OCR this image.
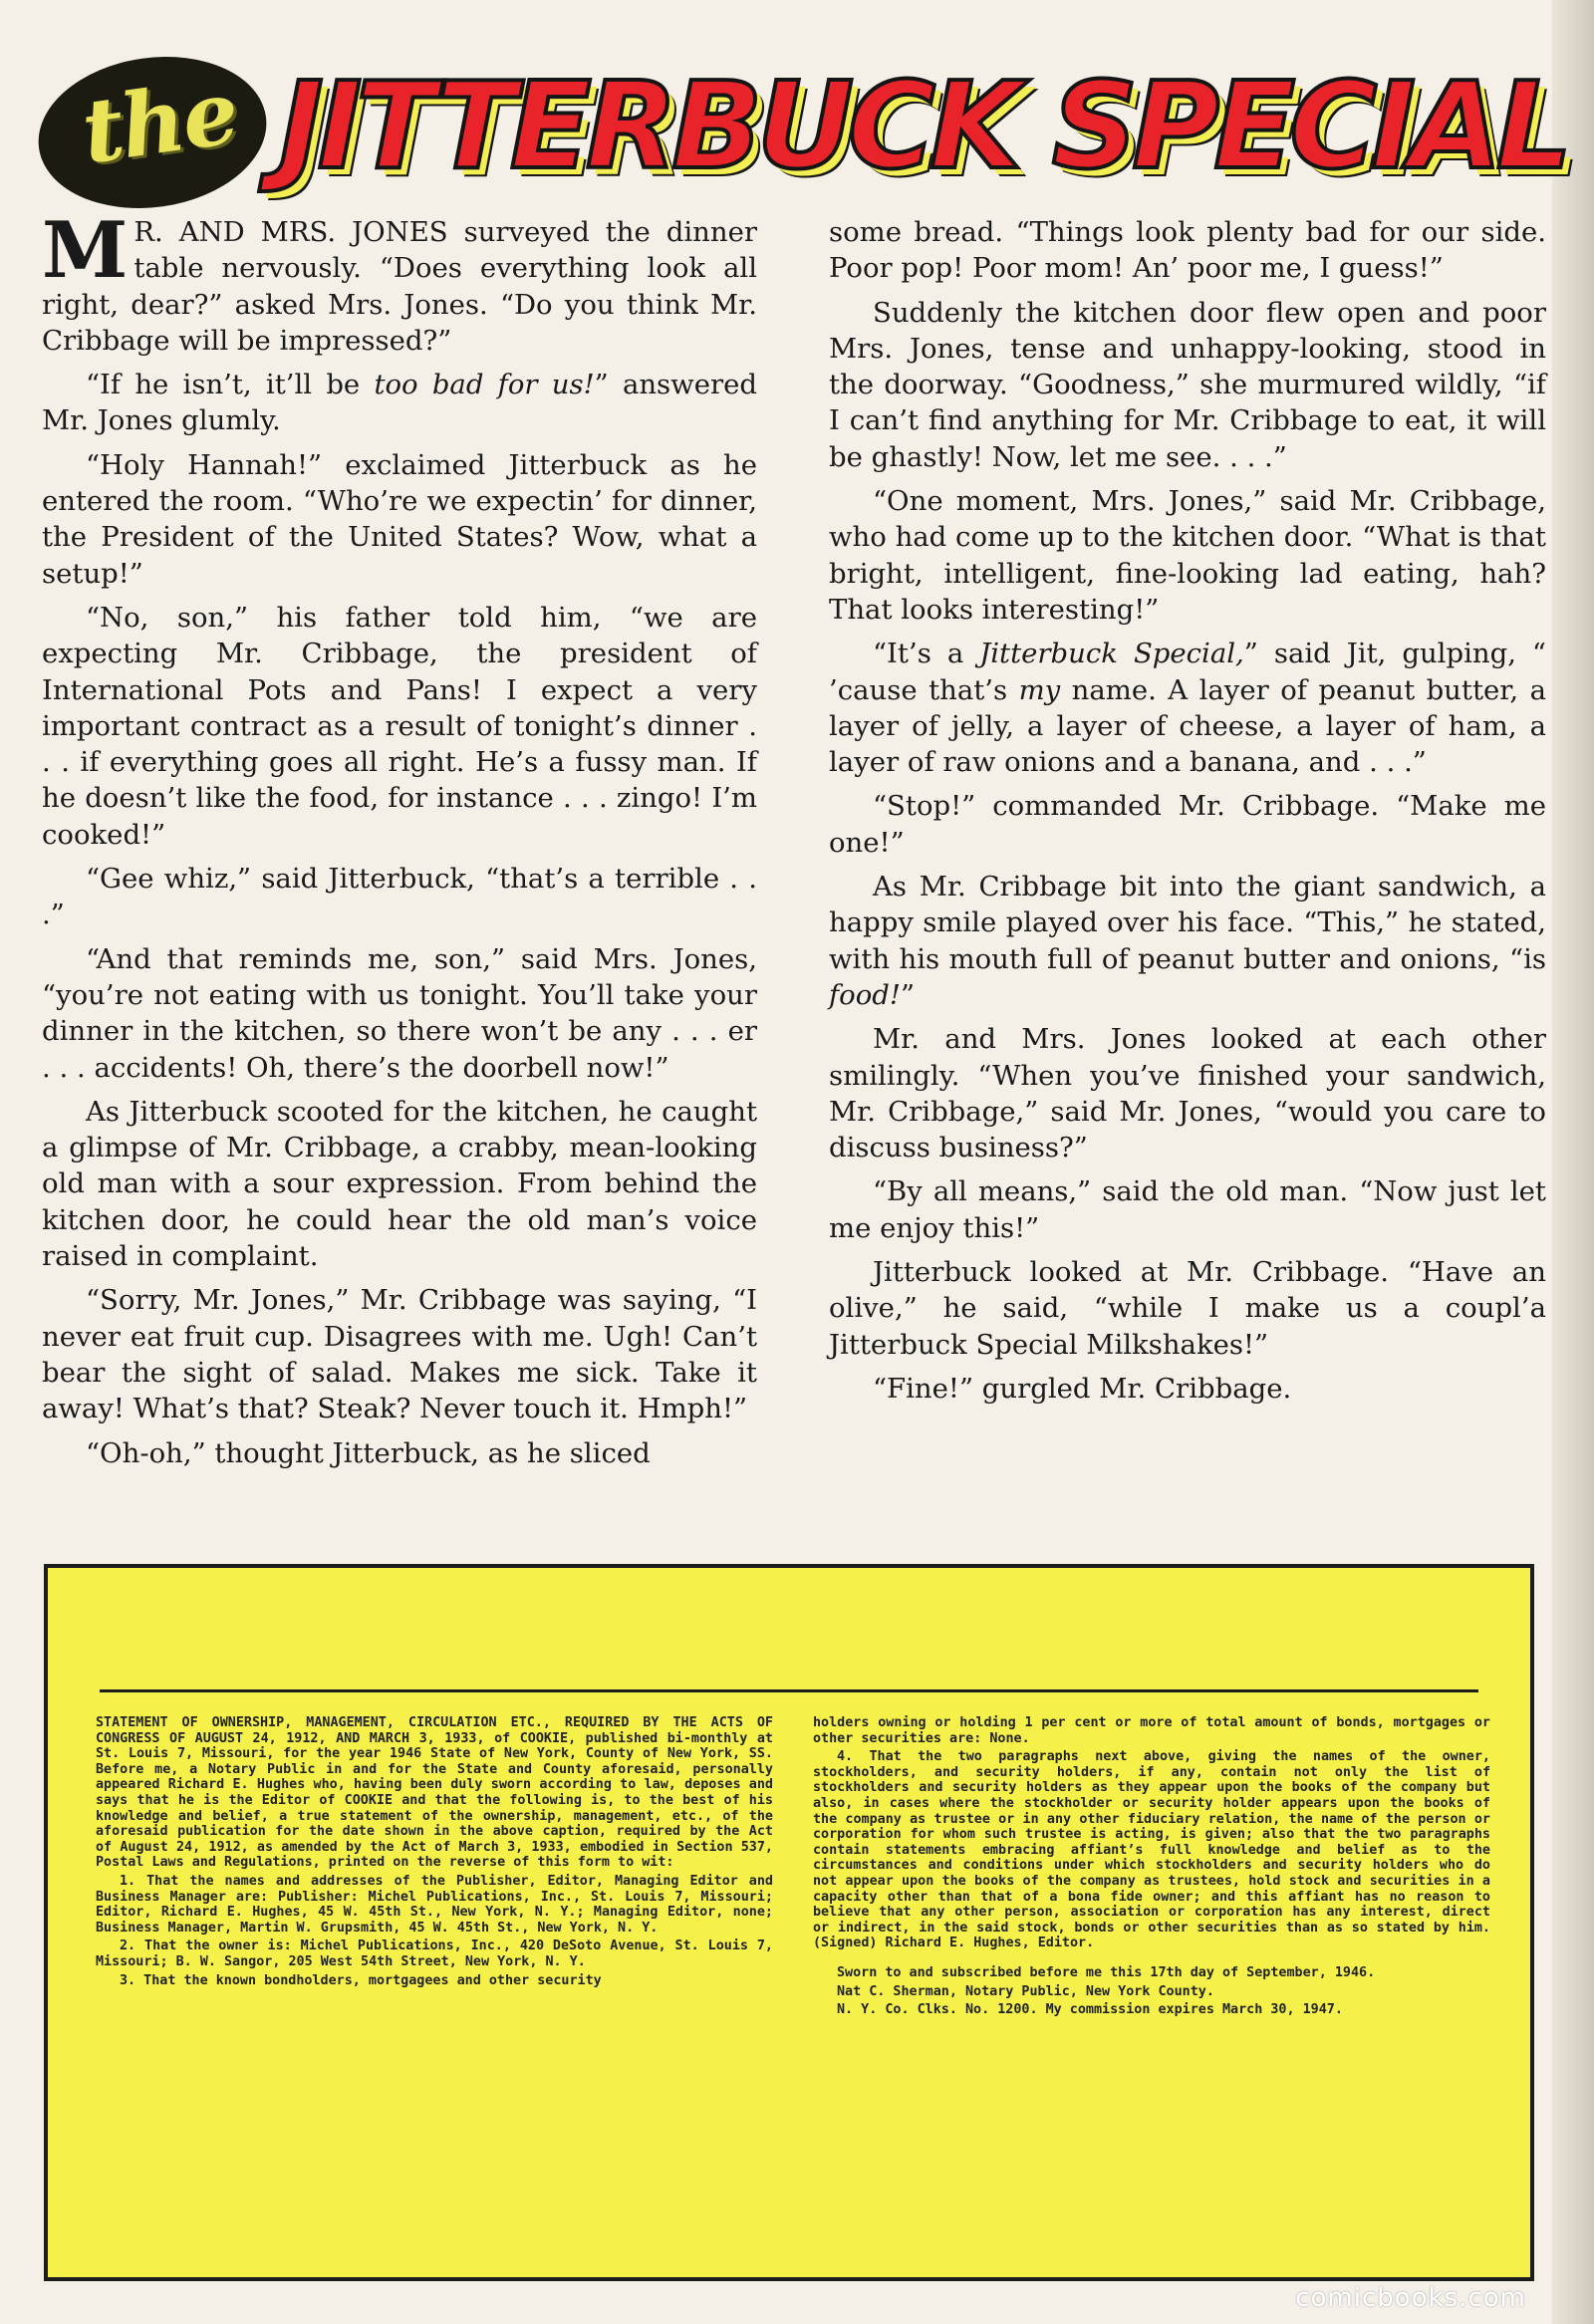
the JITTERBUCK SPECIAL

M R. AND MRS. JONES surveyed the dinner table nervously. “Does everything look all right, dear?” asked Mrs. Jones. “Do you think Mr. Cribbage will be impressed?”

“If he isn’t, it’ll be too bad for us!” answered Mr. Jones glumly.

“Holy Hannah!” exclaimed Jitterbuck as he entered the room. “Who’re we expectin’ for dinner, the President of the United States? Wow, what a setup!”

“No, son,” his father told him, “we are expecting Mr. Cribbage, the president of International Pots and Pans! I expect a very important contract as a result of tonight’s dinner . . . if everything goes all right. He’s a fussy man. If he doesn’t like the food, for instance . . . zingo! I’m cooked!”

“Gee whiz,” said Jitterbuck, “that’s a terrible . . .”

“And that reminds me, son,” said Mrs. Jones, “you’re not eating with us tonight. You’ll take your dinner in the kitchen, so there won’t be any . . . er . . . accidents! Oh, there’s the doorbell now!”

As Jitterbuck scooted for the kitchen, he caught a glimpse of Mr. Cribbage, a crabby, mean-looking old man with a sour expression. From behind the kitchen door, he could hear the old man’s voice raised in complaint.

“Sorry, Mr. Jones,” Mr. Cribbage was saying, “I never eat fruit cup. Disagrees with me. Ugh! Can’t bear the sight of salad. Makes me sick. Take it away! What’s that? Steak? Never touch it. Hmph!”

“Oh-oh,” thought Jitterbuck, as he sliced

some bread. “Things look plenty bad for our side. Poor pop! Poor mom! An’ poor me, I guess!”

Suddenly the kitchen door flew open and poor Mrs. Jones, tense and unhappy-looking, stood in the doorway. “Goodness,” she murmured wildly, “if I can’t find anything for Mr. Cribbage to eat, it will be ghastly! Now, let me see. . . .”

“One moment, Mrs. Jones,” said Mr. Cribbage, who had come up to the kitchen door. “What is that bright, intelligent, fine-looking lad eating, hah? That looks interesting!”

“It’s a Jitterbuck Special,” said Jit, gulping, “ ’cause that’s my name. A layer of peanut butter, a layer of jelly, a layer of cheese, a layer of ham, a layer of raw onions and a banana, and . . .”

“Stop!” commanded Mr. Cribbage. “Make me one!”

As Mr. Cribbage bit into the giant sandwich, a happy smile played over his face. “This,” he stated, with his mouth full of peanut butter and onions, “is food!”

Mr. and Mrs. Jones looked at each other smilingly. “When you’ve finished your sandwich, Mr. Cribbage,” said Mr. Jones, “would you care to discuss business?”

“By all means,” said the old man. “Now just let me enjoy this!”

Jitterbuck looked at Mr. Cribbage. “Have an olive,” he said, “while I make us a coupl’a Jitterbuck Special Milkshakes!”

“Fine!” gurgled Mr. Cribbage.

STATEMENT OF OWNERSHIP, MANAGEMENT, CIRCULATION ETC., REQUIRED BY THE ACTS OF CONGRESS OF AUGUST 24, 1912, AND MARCH 3, 1933, of COOKIE, published bi-monthly at St. Louis 7, Missouri, for the year 1946 State of New York, County of New York, SS. Before me, a Notary Public in and for the State and County aforesaid, personally appeared Richard E. Hughes who, having been duly sworn according to law, deposes and says that he is the Editor of COOKIE and that the following is, to the best of his knowledge and belief, a true statement of the ownership, management, etc., of the aforesaid publication for the date shown in the above caption, required by the Act of August 24, 1912, as amended by the Act of March 3, 1933, embodied in Section 537, Postal Laws and Regulations, printed on the reverse of this form to wit:

1. That the names and addresses of the Publisher, Editor, Managing Editor and Business Manager are: Publisher: Michel Publications, Inc., St. Louis 7, Missouri; Editor, Richard E. Hughes, 45 W. 45th St., New York, N. Y.; Managing Editor, none; Business Manager, Martin W. Grupsmith, 45 W. 45th St., New York, N. Y.

2. That the owner is: Michel Publications, Inc., 420 DeSoto Avenue, St. Louis 7, Missouri; B. W. Sangor, 205 West 54th Street, New York, N. Y.

3. That the known bondholders, mortgagees and other security

holders owning or holding 1 per cent or more of total amount of bonds, mortgages or other securities are: None.

4. That the two paragraphs next above, giving the names of the owner, stockholders, and security holders, if any, contain not only the list of stockholders and security holders as they appear upon the books of the company but also, in cases where the stockholder or security holder appears upon the books of the company as trustee or in any other fiduciary relation, the name of the person or corporation for whom such trustee is acting, is given; also that the two paragraphs contain statements embracing affiant’s full knowledge and belief as to the circumstances and conditions under which stockholders and security holders who do not appear upon the books of the company as trustees, hold stock and securities in a capacity other than that of a bona fide owner; and this affiant has no reason to believe that any other person, association or corporation has any interest, direct or indirect, in the said stock, bonds or other securities than as so stated by him. (Signed) Richard E. Hughes, Editor.

Sworn to and subscribed before me this 17th day of September, 1946.

Nat C. Sherman, Notary Public, New York County.

N. Y. Co. Clks. No. 1200. My commission expires March 30, 1947.

comicbooks.com
